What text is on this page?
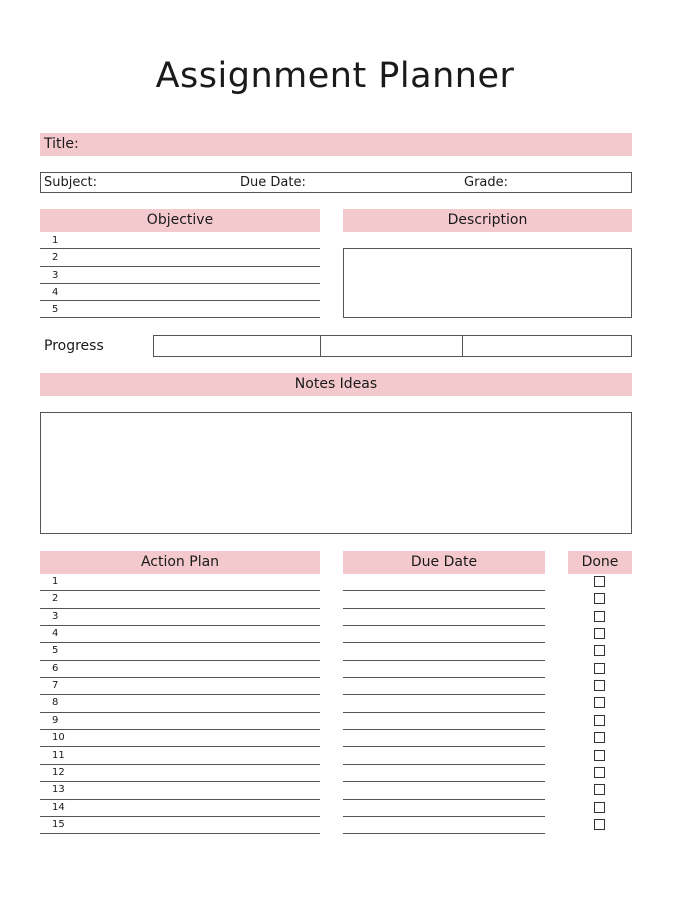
Assignment Planner
Title:
Subject:	Due Date:	Grade:
Objective
1
2
3
4
5
Description
Progress
Notes Ideas
Action Plan	Due Date	Done
1
2
3
4
5
6
7
8
9
10
11
12
13
14
15
